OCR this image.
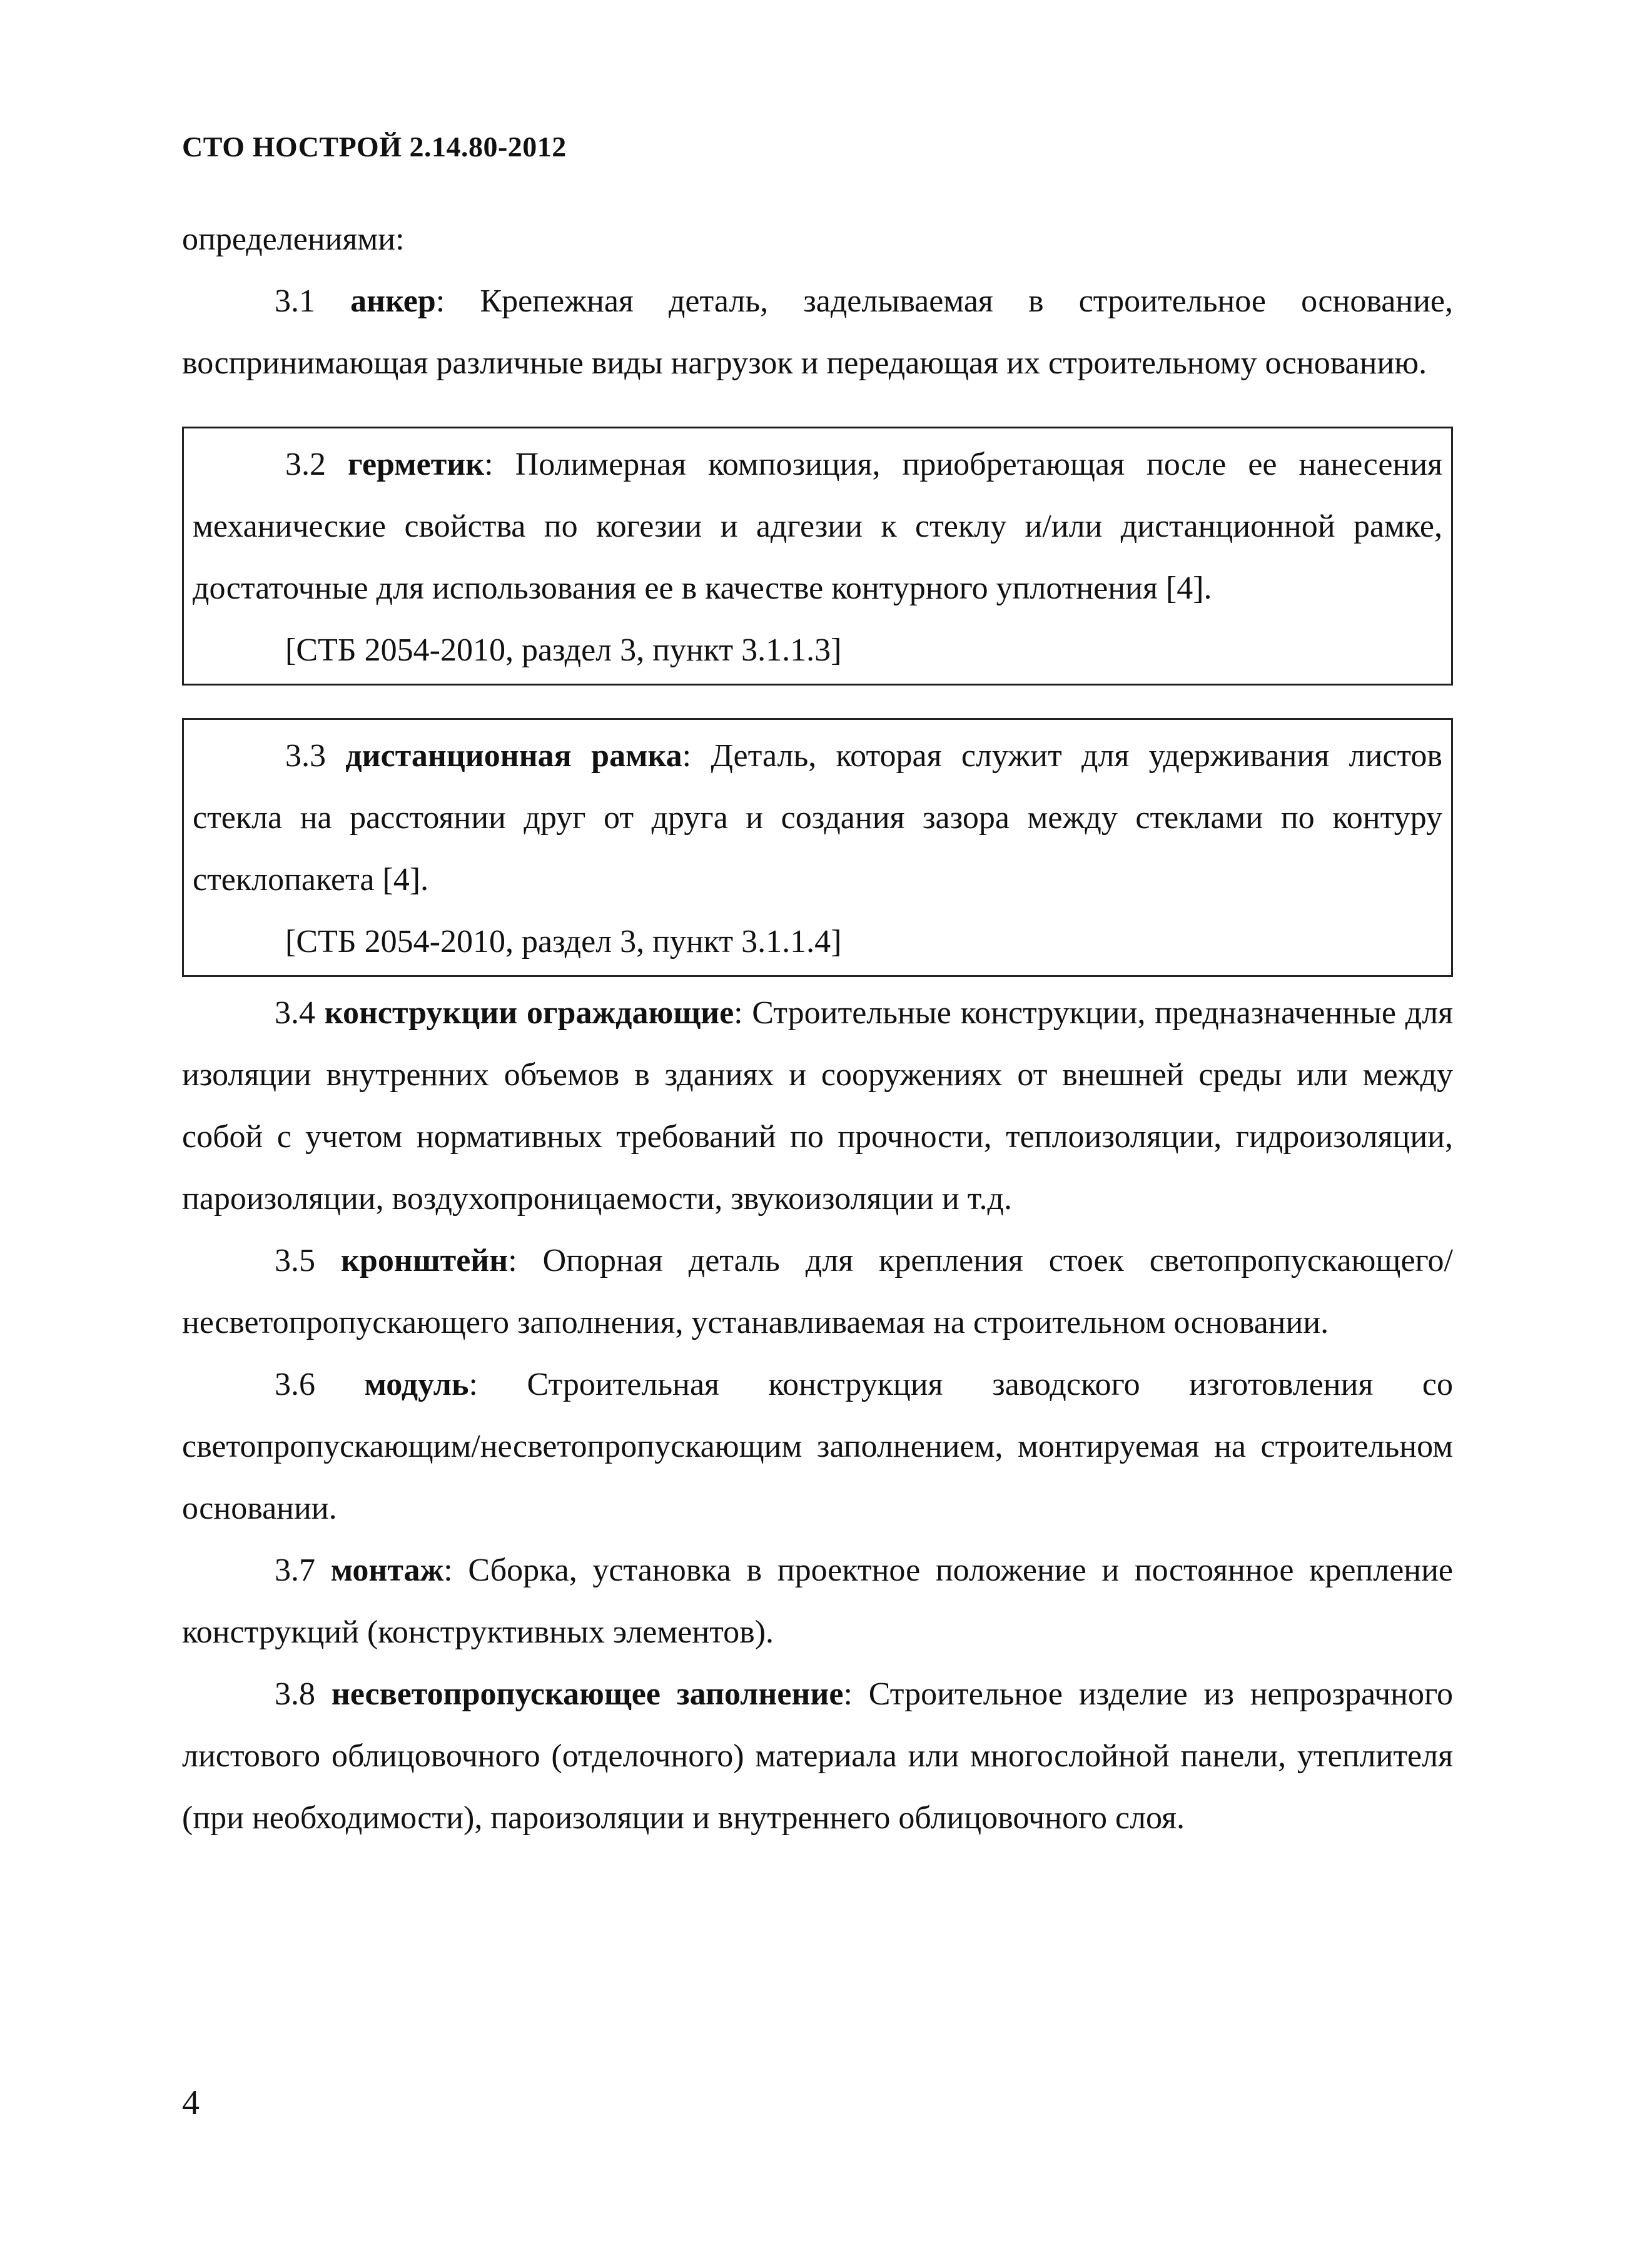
СТО НОСТРОЙ 2.14.80-2012

определениями:

3.1 анкер: Крепежная деталь, заделываемая в строительное основание, воспринимающая различные виды нагрузок и передающая их строительному основанию.

3.2 герметик: Полимерная композиция, приобретающая после ее нанесения механические свойства по когезии и адгезии к стеклу и/или дистанционной рамке, достаточные для использования ее в качестве контурного уплотнения [4].

[СТБ 2054-2010, раздел 3, пункт 3.1.1.3]

3.3 дистанционная рамка: Деталь, которая служит для удерживания листов стекла на расстоянии друг от друга и создания зазора между стеклами по контуру стеклопакета [4].

[СТБ 2054-2010, раздел 3, пункт 3.1.1.4]

3.4 конструкции ограждающие: Строительные конструкции, предназначенные для изоляции внутренних объемов в зданиях и сооружениях от внешней среды или между собой с учетом нормативных требований по прочности, теплоизоляции, гидроизоляции, пароизоляции, воздухопроницаемости, звукоизоляции и т.д.

3.5 кронштейн: Опорная деталь для крепления стоек светопропускающего/ несветопропускающего заполнения, устанавливаемая на строительном основании.

3.6 модуль: Строительная конструкция заводского изготовления со светопропускающим/несветопропускающим заполнением, монтируемая на строительном основании.

3.7 монтаж: Сборка, установка в проектное положение и постоянное крепление конструкций (конструктивных элементов).

3.8 несветопропускающее заполнение: Строительное изделие из непрозрачного листового облицовочного (отделочного) материала или многослойной панели, утеплителя (при необходимости), пароизоляции и внутреннего облицовочного слоя.

4
